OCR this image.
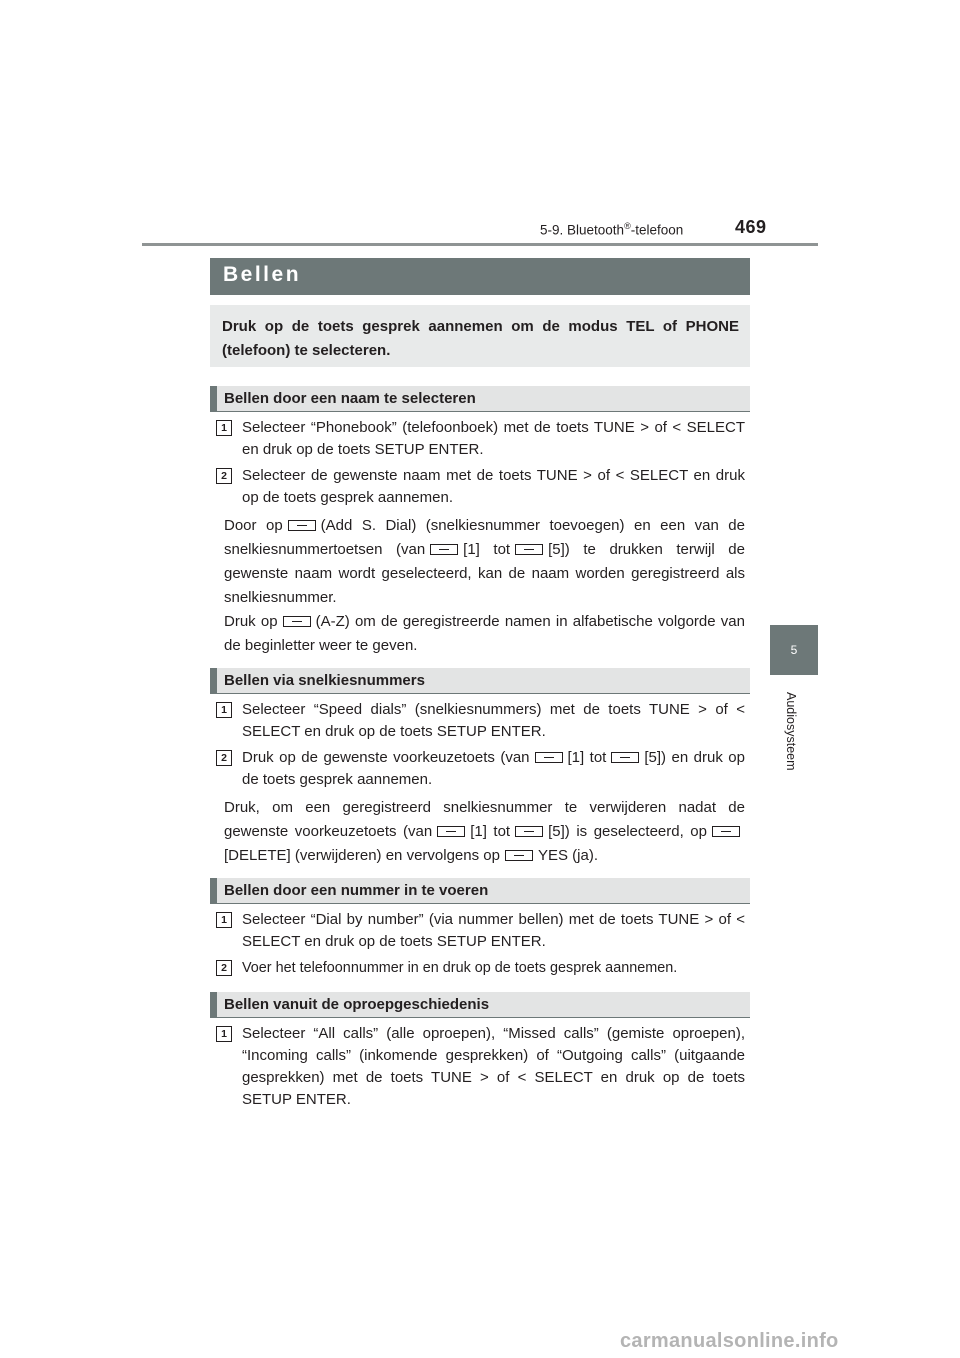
5-9. Bluetooth®-telefoon	469
5
Audiosysteem
Bellen
Druk op de toets gesprek aannemen om de modus TEL of PHONE (telefoon) te selecteren.
Bellen door een naam te selecteren
1	Selecteer “Phonebook” (telefoonboek) met de toets TUNE > of < SELECT en druk op de toets SETUP ENTER.
2	Selecteer de gewenste naam met de toets TUNE > of < SELECT en druk op de toets gesprek aannemen.
Door op	(Add S. Dial) (snelkiesnummer toevoegen) en een van de snelkiesnummertoetsen (van	[1] tot	[5]) te drukken terwijl de gewenste naam wordt geselecteerd, kan de naam worden geregistreerd als snelkiesnummer.
Druk op	(A-Z) om de geregistreerde namen in alfabetische volgorde van de beginletter weer te geven.
Bellen via snelkiesnummers
1	Selecteer “Speed dials” (snelkiesnummers) met de toets TUNE > of < SELECT en druk op de toets SETUP ENTER.
2	Druk op de gewenste voorkeuzetoets (van	[1] tot	[5]) en druk op de toets gesprek aannemen.
Druk, om een geregistreerd snelkiesnummer te verwijderen nadat de gewenste voorkeuzetoets (van	[1] tot	[5]) is geselecteerd, op[DELETE] (verwijderen) en vervolgens op	YES (ja).
Bellen door een nummer in te voeren
1	Selecteer “Dial by number” (via nummer bellen) met de toets TUNE > of < SELECT en druk op de toets SETUP ENTER.
2	Voer het telefoonnummer in en druk op de toets gesprek aannemen.
Bellen vanuit de oproepgeschiedenis
1	Selecteer “All calls” (alle oproepen), “Missed calls” (gemiste oproepen), “Incoming calls” (inkomende gesprekken) of “Outgoing calls” (uitgaande gesprekken) met de toets TUNE > of < SELECT en druk op de toets SETUP ENTER.
carmanualsonline.info
